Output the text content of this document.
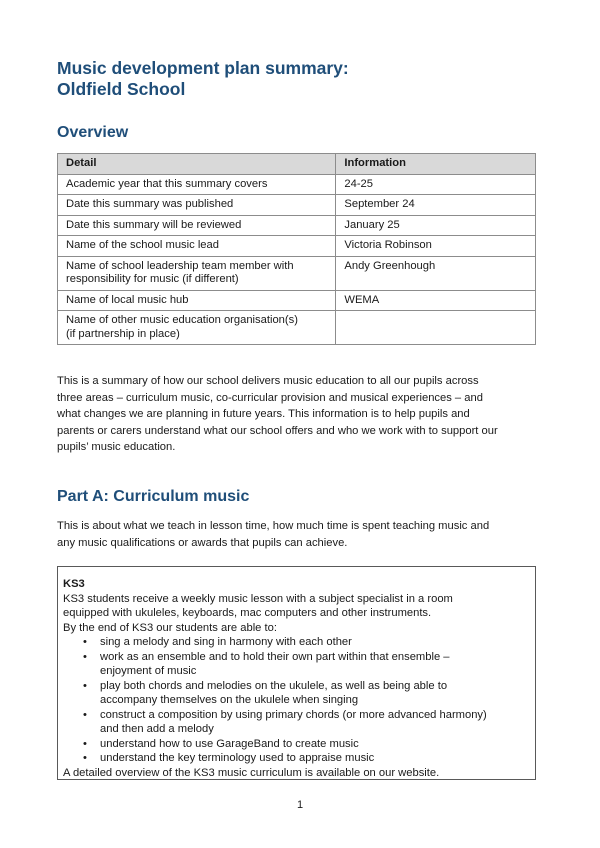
Music development plan summary:
Oldfield School
Overview
Detail	Information
Academic year that this summary covers	24-25
Date this summary was published	September 24
Date this summary will be reviewed	January 25
Name of the school music lead	Victoria Robinson

Name of school leadership team member with
responsibility for music (if different)	Andy Greenhough
Name of local music hub	WEMA

Name of other music education organisation(s)
(if partnership in place)	

This is a summary of how our school delivers music education to all our pupils across
three areas – curriculum music, co-curricular provision and musical experiences – and
what changes we are planning in future years. This information is to help pupils and
parents or carers understand what our school offers and who we work with to support our
pupils’ music education.
Part A: Curriculum music
This is about what we teach in lesson time, how much time is spent teaching music and
any music qualifications or awards that pupils can achieve.
KS3
KS3 students receive a weekly music lesson with a subject specialist in a room
equipped with ukuleles, keyboards, mac computers and other instruments.
By the end of KS3 our students are able to:
• sing a melody and sing in harmony with each other
• work as an ensemble and to hold their own part within that ensemble –
enjoyment of music
• play both chords and melodies on the ukulele, as well as being able to
accompany themselves on the ukulele when singing
• construct a composition by using primary chords (or more advanced harmony)
and then add a melody
• understand how to use GarageBand to create music
• understand the key terminology used to appraise music
A detailed overview of the KS3 music curriculum is available on our website.
1
